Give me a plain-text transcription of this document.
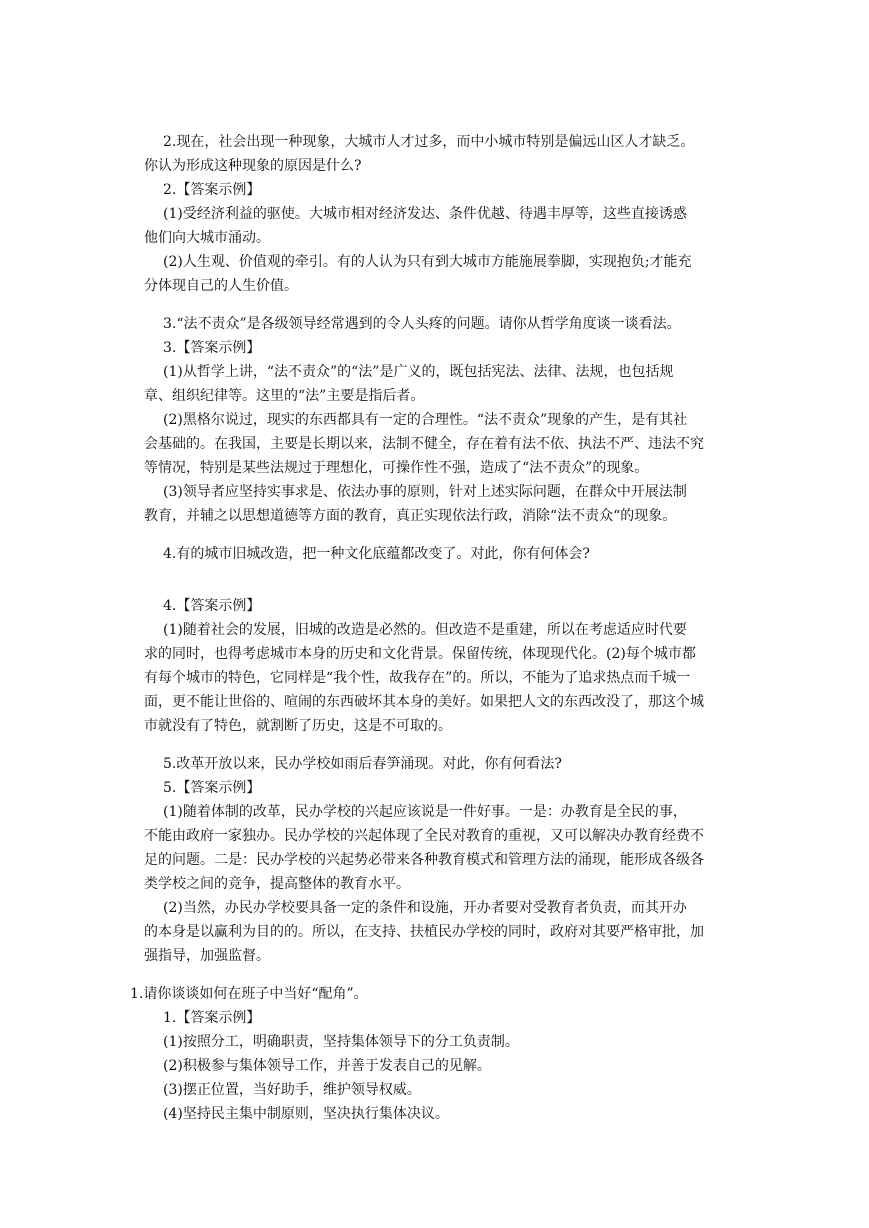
2.现在，社会出现一种现象，大城市人才过多，而中小城市特别是偏远山区人才缺乏。

你认为形成这种现象的原因是什么?

2.【答案示例】

(1)受经济利益的驱使。大城市相对经济发达、条件优越、待遇丰厚等，这些直接诱惑

他们向大城市涌动。

(2)人生观、价值观的牵引。有的人认为只有到大城市方能施展拳脚，实现抱负;才能充

分体现自己的人生价值。

3.“法不责众”是各级领导经常遇到的令人头疼的问题。请你从哲学角度谈一谈看法。

3.【答案示例】

(1)从哲学上讲，“法不责众”的“法”是广义的，既包括宪法、法律、法规，也包括规

章、组织纪律等。这里的“法”主要是指后者。

(2)黑格尔说过，现实的东西都具有一定的合理性。“法不责众”现象的产生，是有其社

会基础的。在我国，主要是长期以来，法制不健全，存在着有法不依、执法不严、违法不究

等情况，特别是某些法规过于理想化，可操作性不强，造成了“法不责众”的现象。

(3)领导者应坚持实事求是、依法办事的原则，针对上述实际问题，在群众中开展法制

教育，并辅之以思想道德等方面的教育，真正实现依法行政，消除“法不责众“的现象。

4.有的城市旧城改造，把一种文化底蕴都改变了。对此，你有何体会?

4.【答案示例】

(1)随着社会的发展，旧城的改造是必然的。但改造不是重建，所以在考虑适应时代要

求的同时，也得考虑城市本身的历史和文化背景。保留传统，体现现代化。(2)每个城市都

有每个城市的特色，它同样是“我个性，故我存在”的。所以，不能为了追求热点而千城一

面，更不能让世俗的、喧闹的东西破坏其本身的美好。如果把人文的东西改没了，那这个城

市就没有了特色，就割断了历史，这是不可取的。

5.改革开放以来，民办学校如雨后春笋涌现。对此，你有何看法?

5.【答案示例】

(1)随着体制的改革，民办学校的兴起应该说是一件好事。一是：办教育是全民的事，

不能由政府一家独办。民办学校的兴起体现了全民对教育的重视，又可以解决办教育经费不

足的问题。二是：民办学校的兴起势必带来各种教育模式和管理方法的涌现，能形成各级各

类学校之间的竞争，提高整体的教育水平。

(2)当然，办民办学校要具备一定的条件和设施，开办者要对受教育者负责，而其开办

的本身是以赢利为目的的。所以，在支持、扶植民办学校的同时，政府对其要严格审批，加

强指导，加强监督。

1.请你谈谈如何在班子中当好“配角”。

1.【答案示例】

(1)按照分工，明确职责，坚持集体领导下的分工负责制。

(2)积极参与集体领导工作，并善于发表自己的见解。

(3)摆正位置，当好助手，维护领导权威。

(4)坚持民主集中制原则，坚决执行集体决议。
